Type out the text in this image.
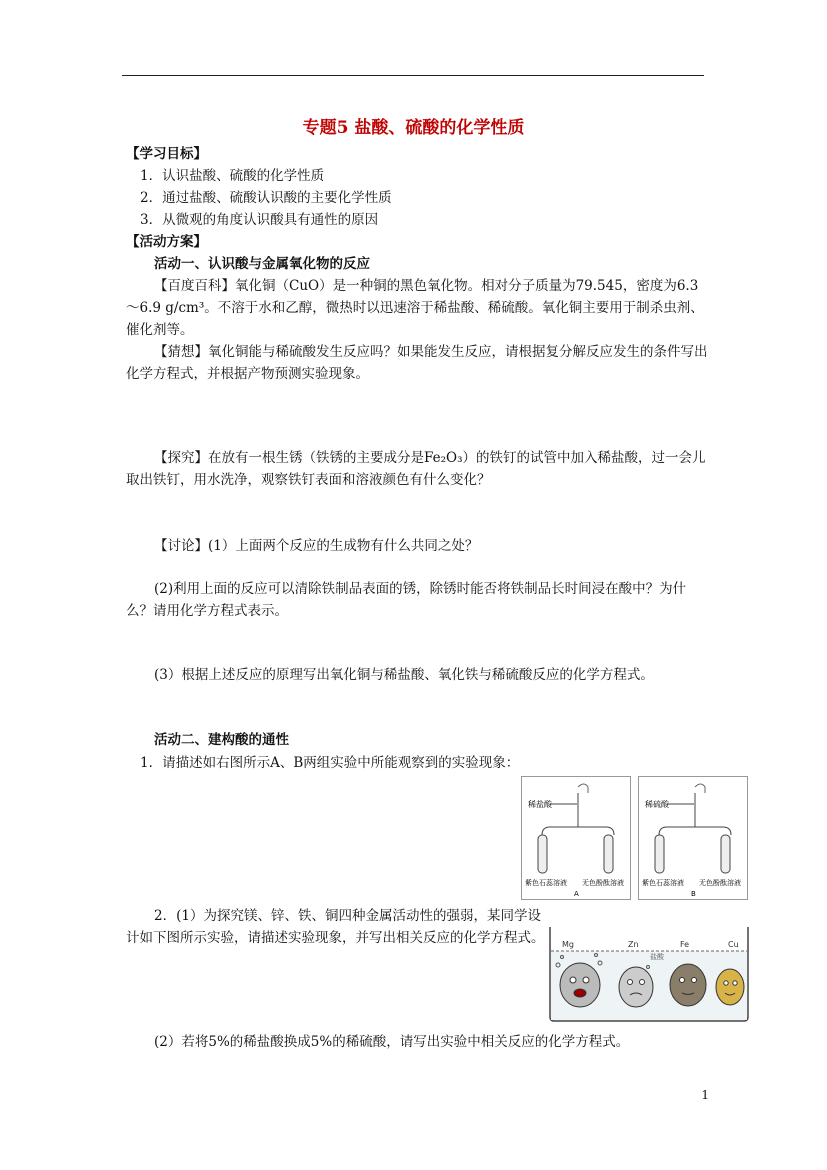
专题5 盐酸、硫酸的化学性质
【学习目标】
1．认识盐酸、硫酸的化学性质
2．通过盐酸、硫酸认识酸的主要化学性质
3．从微观的角度认识酸具有通性的原因
【活动方案】
活动一、认识酸与金属氧化物的反应
【百度百科】氧化铜（CuO）是一种铜的黑色氧化物。相对分子质量为79.545，密度为6.3～6.9 g/cm³。不溶于水和乙醇，微热时以迅速溶于稀盐酸、稀硫酸。氧化铜主要用于制杀虫剂、催化剂等。
【猜想】氧化铜能与稀硫酸发生反应吗？如果能发生反应，请根据复分解反应发生的条件写出化学方程式，并根据产物预测实验现象。
【探究】在放有一根生锈（铁锈的主要成分是Fe₂O₃）的铁钉的试管中加入稀盐酸，过一会儿取出铁钉，用水洗净，观察铁钉表面和溶液颜色有什么变化？
【讨论】(1）上面两个反应的生成物有什么共同之处？
(2)利用上面的反应可以清除铁制品表面的锈，除锈时能否将铁制品长时间浸在酸中？为什么？请用化学方程式表示。
(3）根据上述反应的原理写出氧化铜与稀盐酸、氧化铁与稀硫酸反应的化学方程式。
活动二、建构酸的通性
1．请描述如右图所示A、B两组实验中所能观察到的实验现象：
2．(1）为探究镁、锌、铁、铜四种金属活动性的强弱，某同学设计如下图所示实验，请描述实验现象，并写出相关反应的化学方程式。
(2）若将5%的稀盐酸换成5%的稀硫酸，请写出实验中相关反应的化学方程式。
稀盐酸
紫色石蕊溶液 无色酚酞溶液
A
稀硫酸
紫色石蕊溶液 无色酚酞溶液
B
Mg	Zn	Fe	Cu
盐酸
1
